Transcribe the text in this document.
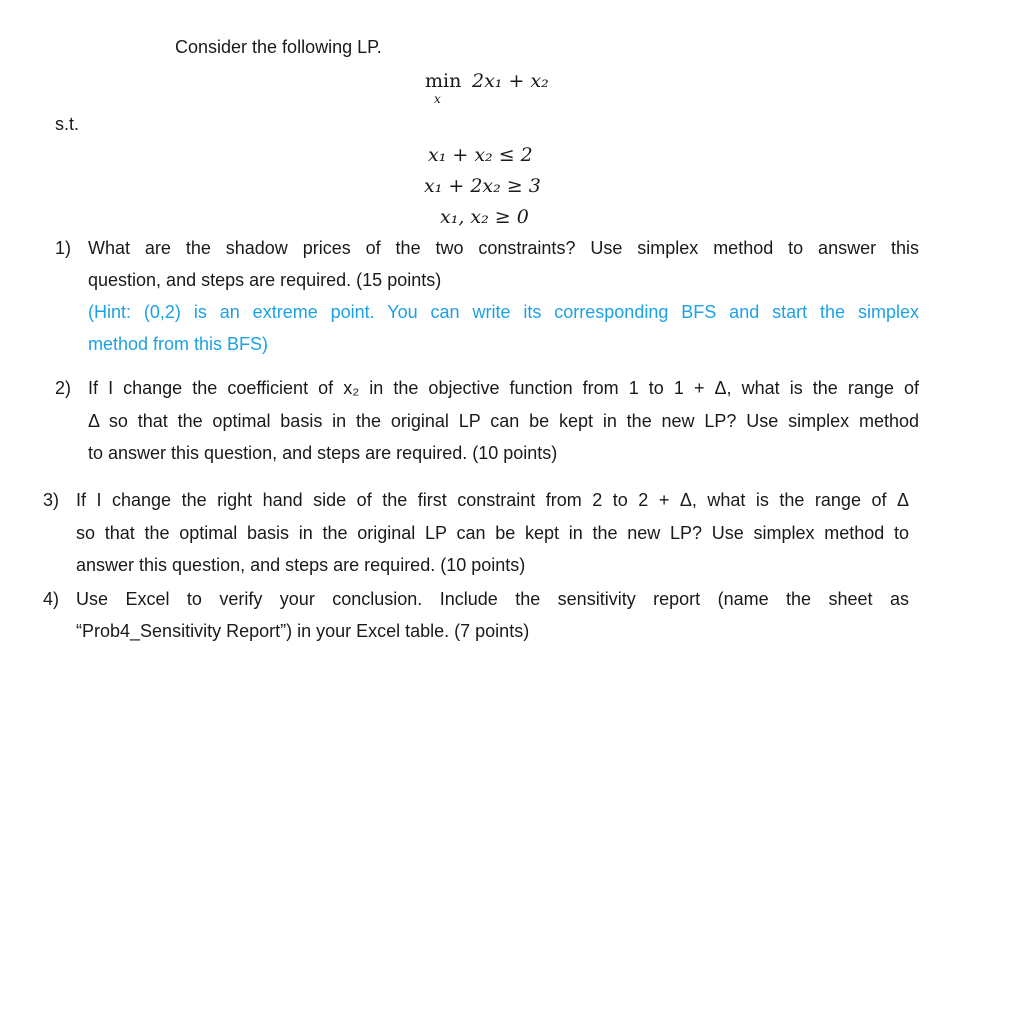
Consider the following LP.
min
x
2x₁ + x₂
s.t.
x₁ + x₂ ≤ 2
x₁ + 2x₂ ≥ 3
x₁, x₂ ≥ 0
1) What are the shadow prices of the two constraints? Use simplex method to answer this
question, and steps are required. (15 points)
(Hint: (0,2) is an extreme point. You can write its corresponding BFS and start the simplex
method from this BFS)
2) If I change the coefficient of x₂ in the objective function from 1 to 1 + Δ, what is the range of
Δ so that the optimal basis in the original LP can be kept in the new LP? Use simplex method
to answer this question, and steps are required. (10 points)
3) If I change the right hand side of the first constraint from 2 to 2 + Δ, what is the range of Δ
so that the optimal basis in the original LP can be kept in the new LP? Use simplex method to
answer this question, and steps are required. (10 points)
4) Use Excel to verify your conclusion. Include the sensitivity report (name the sheet as
“Prob4_Sensitivity Report”) in your Excel table. (7 points)
